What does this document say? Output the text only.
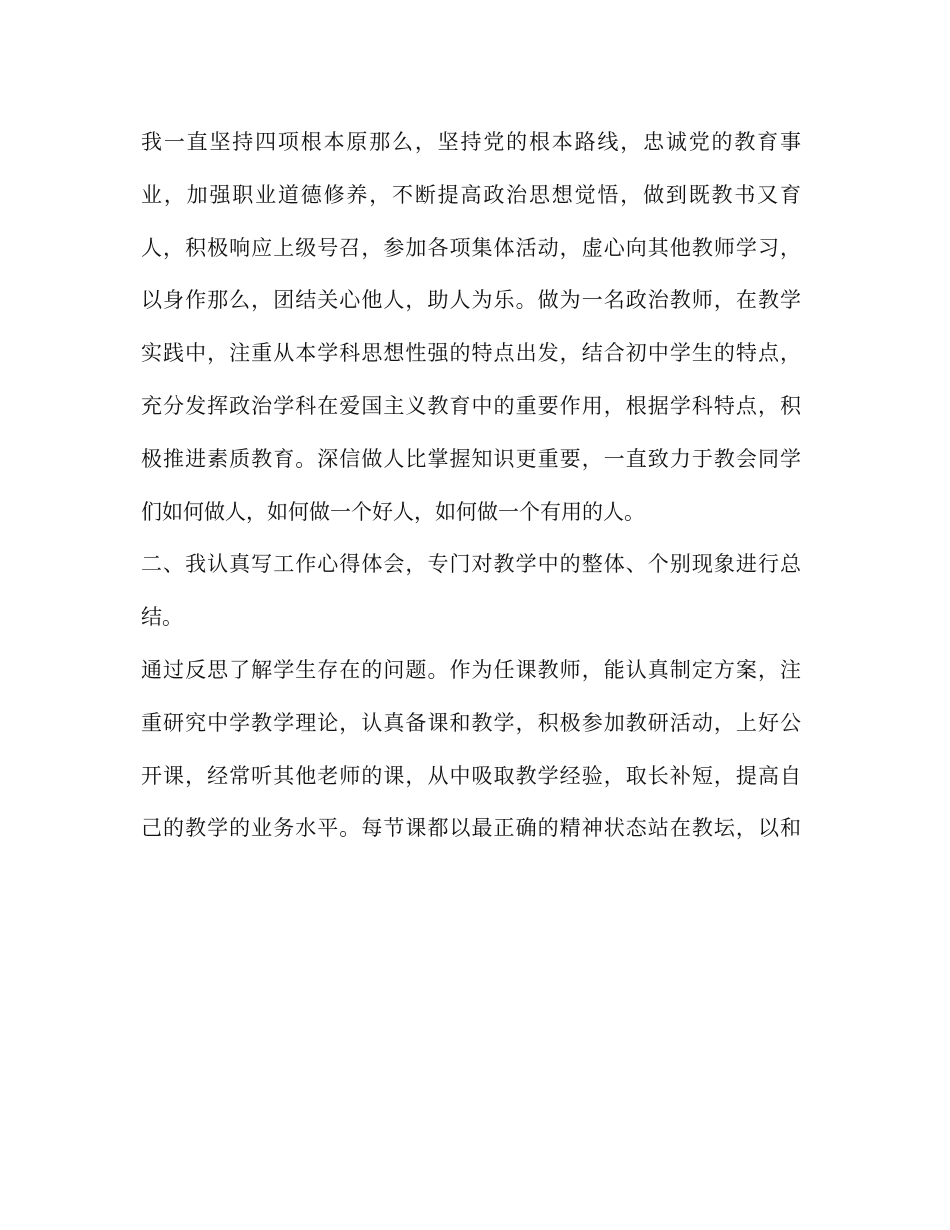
我一直坚持四项根本原那么，坚持党的根本路线，忠诚党的教育事
业，加强职业道德修养，不断提高政治思想觉悟，做到既教书又育
人，积极响应上级号召，参加各项集体活动，虚心向其他教师学习，
以身作那么，团结关心他人，助人为乐。做为一名政治教师，在教学
实践中，注重从本学科思想性强的特点出发，结合初中学生的特点，
充分发挥政治学科在爱国主义教育中的重要作用，根据学科特点，积
极推进素质教育。深信做人比掌握知识更重要，一直致力于教会同学
们如何做人，如何做一个好人，如何做一个有用的人。
二、我认真写工作心得体会，专门对教学中的整体、个别现象进行总
结。
通过反思了解学生存在的问题。作为任课教师，能认真制定方案，注
重研究中学教学理论，认真备课和教学，积极参加教研活动，上好公
开课，经常听其他老师的课，从中吸取教学经验，取长补短，提高自
己的教学的业务水平。每节课都以最正确的精神状态站在教坛，以和
